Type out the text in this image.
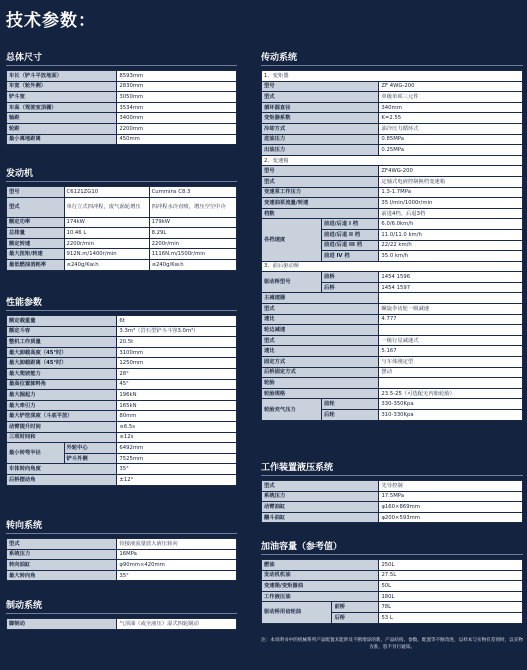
技术参数：
总体尺寸
车长（铲斗平放地面）	8593mm
车宽（轮外侧）	2830mm
铲斗宽	3050mm
车高（驾驶室顶棚）	3534mm
轴距	3400mm
轮距	2200mm
最小离地距离	450mm
发动机
型号	C6121ZG10	Cummins C8.3
型式	单行立式四冲程，废气涡轮增压	四冲程水冷直喷，增压空空中冷
额定功率	174kW	179kW
总排量	10.46 L	8.29L
额定转速	2200r/min	2200r/min
最大扭矩/转速	912N.m/1400r/min	1116N.m/1500r/min
最低燃油消耗率	≤240g/Kw.h	≤240g/Kw.h
性能参数
额定载重量		6t
额定斗容		3.3m³（岩石型铲斗斗容3.0m³）
整机工作质量		20.5t
最大卸载高度（45°时）		3100mm
最大卸载距离（45°时）		1250mm
最大爬坡能力		28°
最高位置卸料角		45°
最大掘起力		196kN
最大牵引力		165kN
最大铲挖深度（斗底平放）		80mm
动臂提升时间		≤6.5s
三项时间和		≤12s
最小转弯半径	外轮中心	6492mm
	铲斗外侧	7525mm
车体转向角度		35°
后桥摆动角		±12°
转向系统
型式	铰接液流量放大液压转向
系统压力	16MPa
转向油缸	φ90mm×420mm
最大转向角	35°
制动系统
脚制动	气顶油（或全液压）湿式四轮制动
传动系统
1、变矩器		
型号		ZF 4WG-200
型式		单级单项三元件
循环圆直径		340mm
变矩器系数		K=2.55
冷却方式		油冷压力循环式
进油压力		0.85MPa
出油压力		0.25MPa
2、变速箱		
型号		ZF4WG-200
型式		定轴式电液控制换档变速箱
变速泵工作压力		1.3-1.7MPa
变速油泵流量/转速		35 l/min/1000r/min
档数		前进4档，后退3档
各档速度	前进/后退 I 档	6.0/6.0km/h
	前进/后退 II 档	11.0/11.0 km/h
	前进/后退 III 档	22/22 km/h
	前进 IV 档	35.0 km/h
3、前后驱动桥		
驱动桥型号	前桥	1454 1596
	后桥	1454 1597
主减速器		
型式		螺旋伞齿轮一级减速
速比		4.777
轮边减速		
型式		一级行星减速式
速比		5.167
固定方式		与车体刚定型
后桥固定方式		摆动
轮胎		
轮胎规格		23.5-25（可选配无内胎轮胎）
轮胎充气压力	前轮	330-350Kpa
	后轮	310-330Kpa
工作装置液压系统
型式	先导控制
系统压力	17.5MPa
动臂油缸	φ160×869mm
翻斗油缸	φ200×593mm
加油容量（参考值）
燃油		250L
发动机机油		27.5L
变速箱/变矩器油		50L
工作液压油		180L
驱动桥用齿轮油	前桥	78L
	后桥	53 L
注：本说明书中的机械系列产品配置未能涉及不断增添的新，产品结构、参数、配置等不断改进，以样本与实物有差别时，以实物为准，恕不另行通知。
